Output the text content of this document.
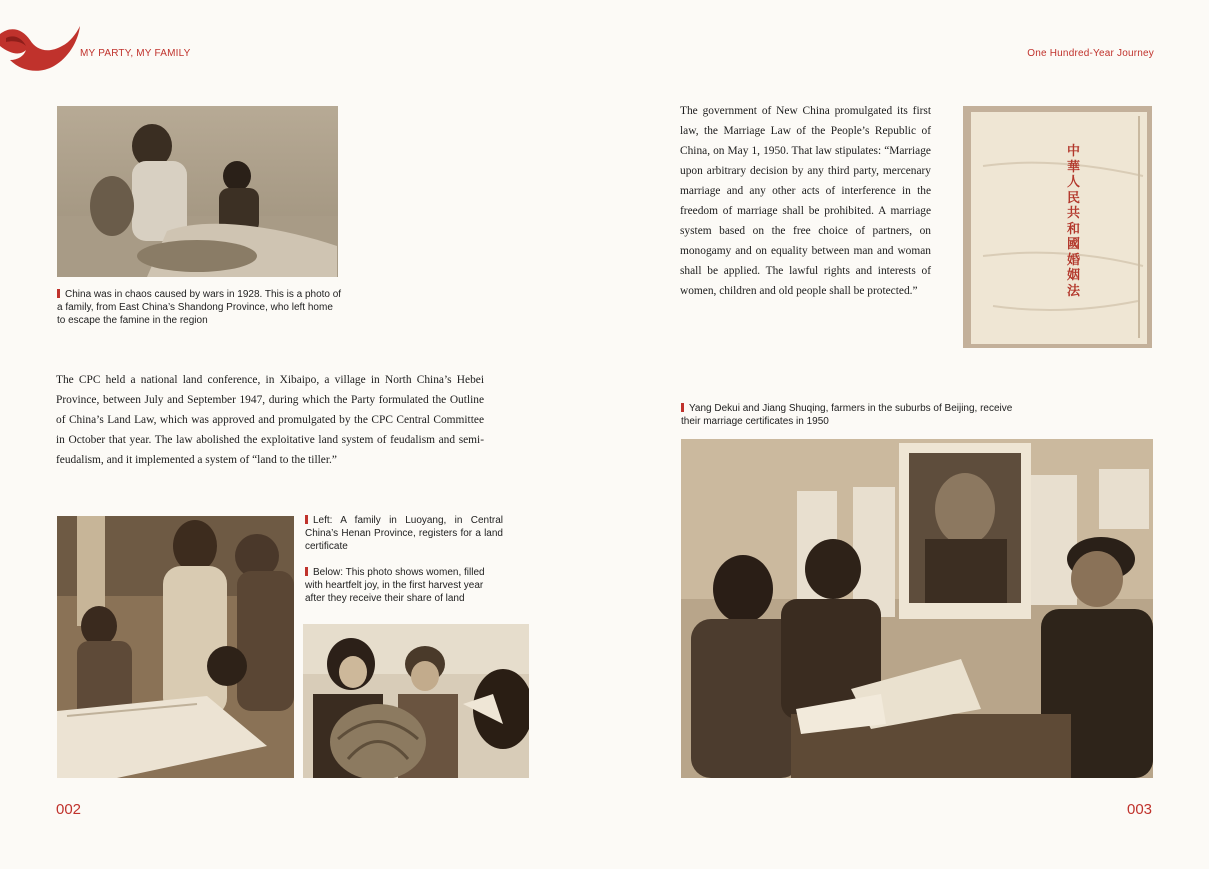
MY PARTY, MY FAMILY	One Hundred-Year Journey
China was in chaos caused by wars in 1928. This is a photo of a family, from East China’s Shandong Province, who left home to escape the famine in the region
The CPC held a national land conference, in Xibaipo, a village in North China’s Hebei Province, between July and September 1947, during which the Party formulated the Outline of China’s Land Law, which was approved and promulgated by the CPC Central Committee in October that year. The law abolished the exploitative land system of feudalism and semi-feudalism, and it implemented a system of “land to the tiller.”
Left: A family in Luoyang, in Central China’s Henan Province, registers for a land certificate
Below: This photo shows women, filled with heartfelt joy, in the first harvest year after they receive their share of land
002
The government of New China promulgated its first law, the Marriage Law of the People’s Republic of China, on May 1, 1950. That law stipulates: “Marriage upon arbitrary decision by any third party, mercenary marriage and any other acts of interference in the freedom of marriage shall be prohibited. A marriage system based on the free choice of partners, on monogamy and on equality between man and woman shall be applied. The lawful rights and interests of women, children and old people shall be protected.”
中華人民共和國婚姻法
Yang Dekui and Jiang Shuqing, farmers in the suburbs of Beijing, receive their marriage certificates in 1950
003
